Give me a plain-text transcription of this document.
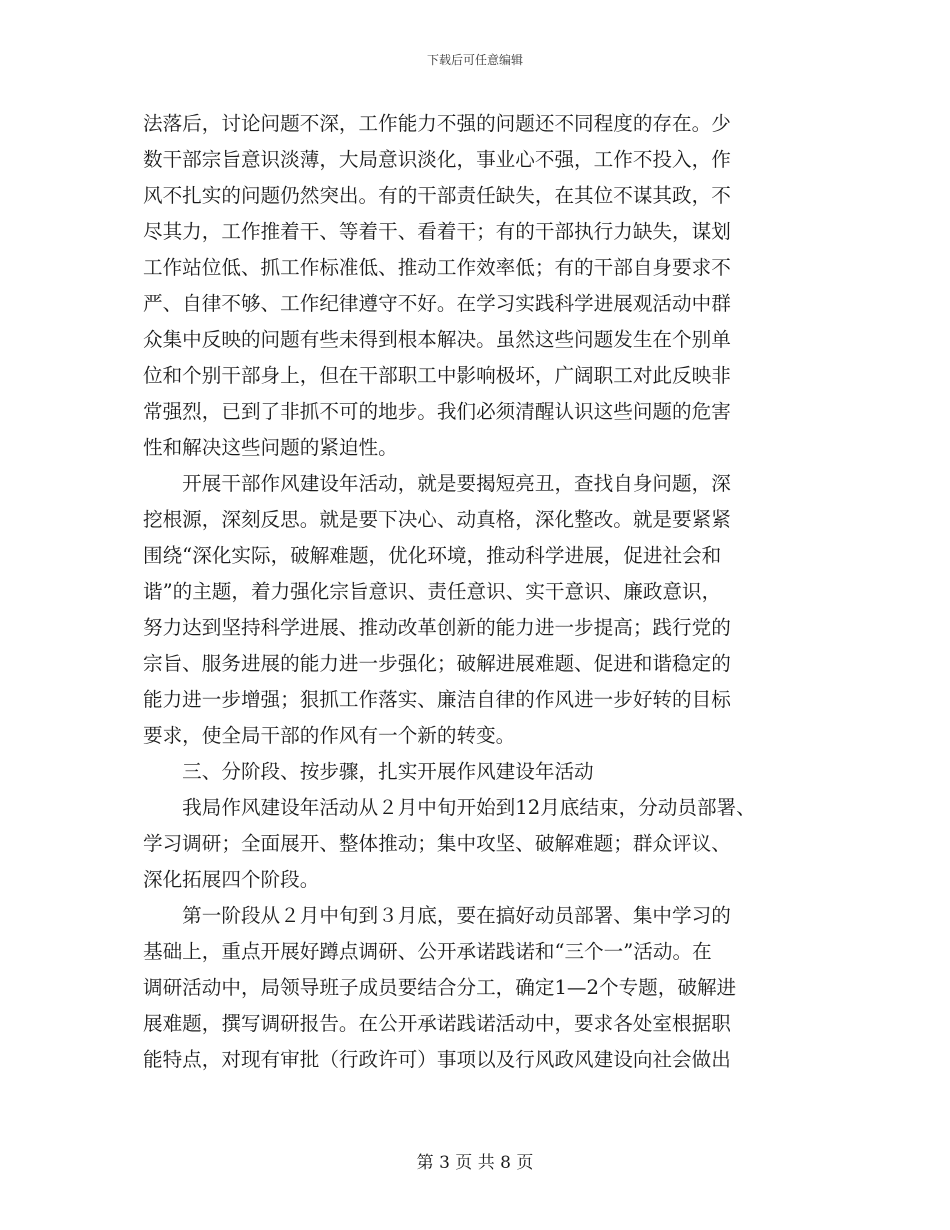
下载后可任意编辑
法落后，讨论问题不深，工作能力不强的问题还不同程度的存在。少
数干部宗旨意识淡薄，大局意识淡化，事业心不强，工作不投入，作
风不扎实的问题仍然突出。有的干部责任缺失，在其位不谋其政，不
尽其力，工作推着干、等着干、看着干；有的干部执行力缺失，谋划
工作站位低、抓工作标准低、推动工作效率低；有的干部自身要求不
严、自律不够、工作纪律遵守不好。在学习实践科学进展观活动中群
众集中反映的问题有些未得到根本解决。虽然这些问题发生在个别单
位和个别干部身上，但在干部职工中影响极坏，广阔职工对此反映非
常强烈，已到了非抓不可的地步。我们必须清醒认识这些问题的危害
性和解决这些问题的紧迫性。
　　开展干部作风建设年活动，就是要揭短亮丑，查找自身问题，深
挖根源，深刻反思。就是要下决心、动真格，深化整改。就是要紧紧
围绕“深化实际，破解难题，优化环境，推动科学进展，促进社会和
谐”的主题，着力强化宗旨意识、责任意识、实干意识、廉政意识，
努力达到坚持科学进展、推动改革创新的能力进一步提高；践行党的
宗旨、服务进展的能力进一步强化；破解进展难题、促进和谐稳定的
能力进一步增强；狠抓工作落实、廉洁自律的作风进一步好转的目标
要求，使全局干部的作风有一个新的转变。
　　三、分阶段、按步骤，扎实开展作风建设年活动
　　我局作风建设年活动从２月中旬开始到12月底结束，分动员部署、
学习调研；全面展开、整体推动；集中攻坚、破解难题；群众评议、
深化拓展四个阶段。
　　第一阶段从２月中旬到３月底，要在搞好动员部署、集中学习的
基础上，重点开展好蹲点调研、公开承诺践诺和“三个一”活动。在
调研活动中，局领导班子成员要结合分工，确定1—2个专题，破解进
展难题，撰写调研报告。在公开承诺践诺活动中，要求各处室根据职
能特点，对现有审批（行政许可）事项以及行风政风建设向社会做出
第 3 页 共 8 页
